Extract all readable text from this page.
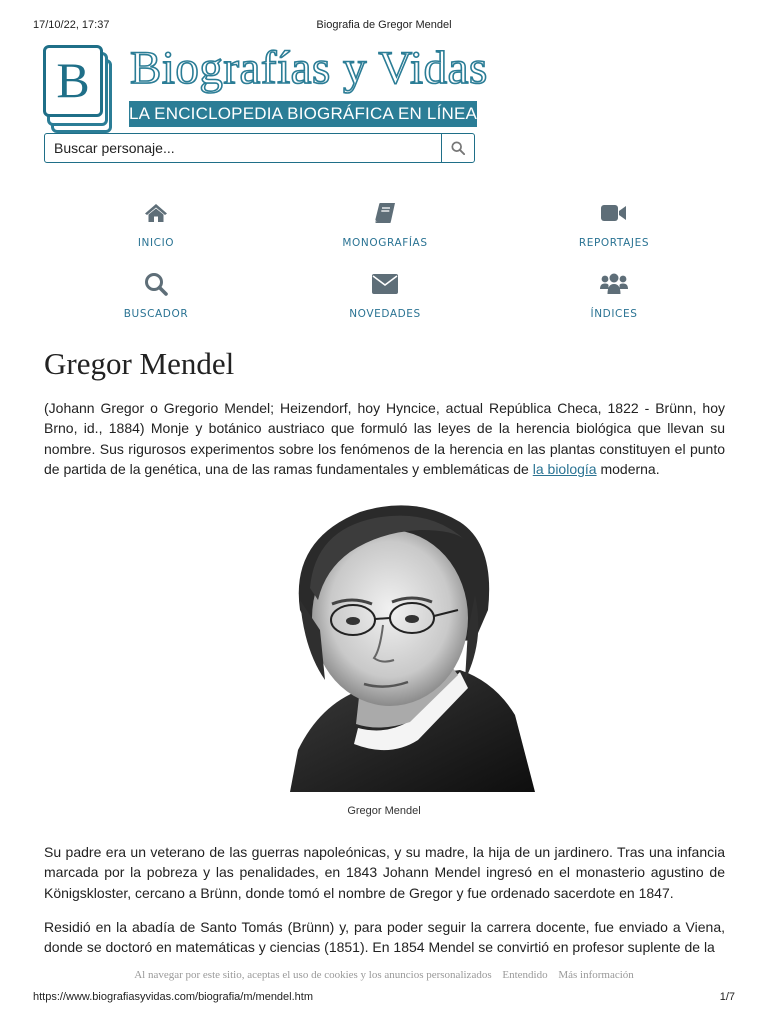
17/10/22, 17:37	Biografia de Gregor Mendel
B Biografías y Vidas
LA ENCICLOPEDIA BIOGRÁFICA EN LÍNEA
Buscar personaje...
INICIO	MONOGRAFÍAS	REPORTAJES
BUSCADOR	NOVEDADES	ÍNDICES
Gregor Mendel

(Johann Gregor o Gregorio Mendel; Heizendorf, hoy Hyncice, actual República Checa, 1822 - Brünn, hoy Brno, id., 1884) Monje y botánico austriaco que formuló las leyes de la herencia biológica que llevan su nombre. Sus rigurosos experimentos sobre los fenómenos de la herencia en las plantas constituyen el punto de partida de la genética, una de las ramas fundamentales y emblemáticas de la biología moderna.

Gregor Mendel

Su padre era un veterano de las guerras napoleónicas, y su madre, la hija de un jardinero. Tras una infancia marcada por la pobreza y las penalidades, en 1843 Johann Mendel ingresó en el monasterio agustino de Königskloster, cercano a Brünn, donde tomó el nombre de Gregor y fue ordenado sacerdote en 1847.

Residió en la abadía de Santo Tomás (Brünn) y, para poder seguir la carrera docente, fue enviado a Viena, donde se doctoró en matemáticas y ciencias (1851). En 1854 Mendel se convirtió en profesor suplente de la

Al navegar por este sitio, aceptas el uso de cookies y los anuncios personalizados Entendido Más información
https://www.biografiasyvidas.com/biografia/m/mendel.htm	1/7
